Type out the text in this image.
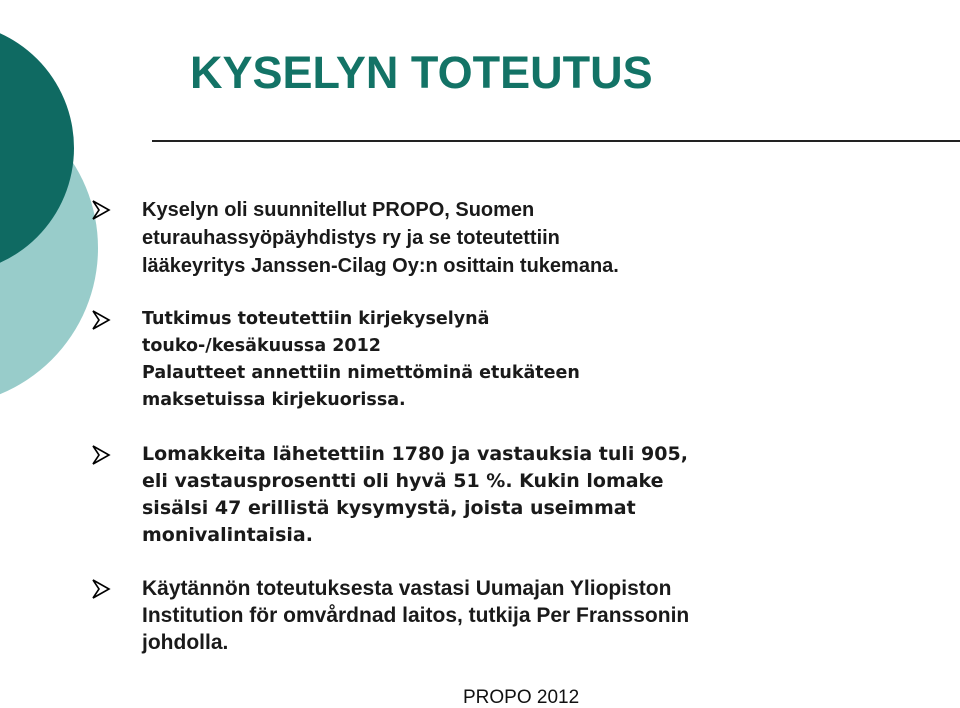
KYSELYN TOTEUTUS
Kyselyn oli suunnitellut PROPO, Suomen
eturauhassyöpäyhdistys ry ja se toteutettiin
lääkeyritys Janssen-Cilag Oy:n osittain tukemana.
Tutkimus toteutettiin kirjekyselynä
touko-/kesäkuussa 2012
Palautteet annettiin nimettöminä etukäteen
maksetuissa kirjekuorissa.
Lomakkeita lähetettiin 1780 ja vastauksia tuli 905,
eli vastausprosentti oli hyvä 51 %. Kukin lomake
sisälsi 47 erillistä kysymystä, joista useimmat
monivalintaisia.
Käytännön toteutuksesta vastasi Uumajan Yliopiston
Institution för omvårdnad laitos, tutkija Per Franssonin
johdolla.
PROPO 2012
